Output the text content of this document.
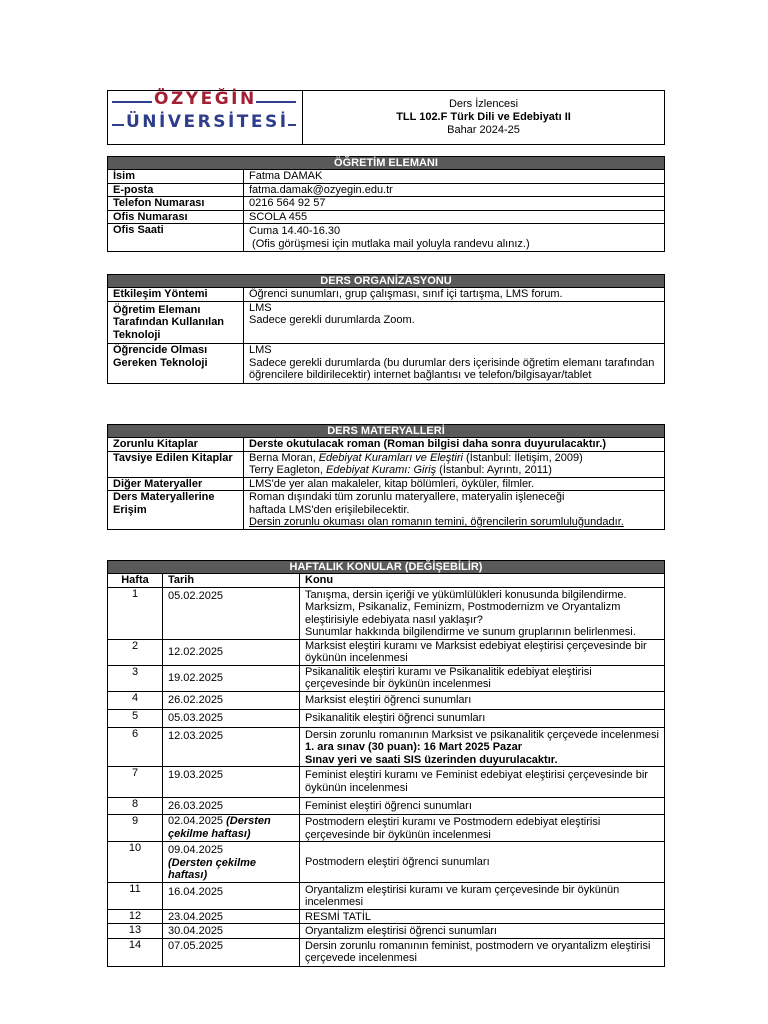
ÖZYEĞİN
ÜNİVERSİTESİ

Ders İzlencesi
TLL 102.F Türk Dili ve Edebiyatı II
Bahar 2024-25
ÖĞRETİM ELEMANI	
İsim	Fatma DAMAK
E-posta	fatma.damak@ozyegin.edu.tr
Telefon Numarası	0216 564 92 57
Ofis Numarası	SCOLA 455
Ofis Saati	Cuma 14.40-16.30
(Ofis görüşmesi için mutlaka mail yoluyla randevu alınız.)
DERS ORGANİZASYONU	
Etkileşim Yöntemi	Öğrenci sunumları, grup çalışması, sınıf içi tartışma, LMS forum.
Öğretim Elemanı Tarafından Kullanılan Teknoloji	LMS
Sadece gerekli durumlarda Zoom.

Öğrencide Olması Gereken Teknoloji	LMS
Sadece gerekli durumlarda (bu durumlar ders içerisinde öğretim elemanı tarafından öğrencilere bildirilecektir) internet bağlantısı ve telefon/bilgisayar/tablet
DERS MATERYALLERİ	
Zorunlu Kitaplar	Derste okutulacak roman (Roman bilgisi daha sonra duyurulacaktır.)
Tavsiye Edilen Kitaplar	Berna Moran, Edebiyat Kuramları ve Eleştiri (İstanbul: İletişim, 2009)
Terry Eagleton, Edebiyat Kuramı: Giriş (İstanbul: Ayrıntı, 2011)

Diğer Materyaller	LMS'de yer alan makaleler, kitap bölümleri, öyküler, filmler.
Ders Materyallerine Erişim	Roman dışındaki tüm zorunlu materyallere, materyalin işleneceği
haftada LMS'den erişilebilecektir.
Dersin zorunlu okuması olan romanın temini, öğrencilerin sorumluluğundadır.
HAFTALIK KONULAR (DEĞİŞEBİLİR)		
Hafta	Tarih	Konu
1	05.02.2025	Tanışma, dersin içeriği ve yükümlülükleri konusunda bilgilendirme. Marksizm, Psikanaliz, Feminizm, Postmodernizm ve Oryantalizm eleştirisiyle edebiyata nasıl yaklaşır?
Sunumlar hakkında bilgilendirme ve sunum gruplarının belirlenmesi.

2	12.02.2025	Marksist eleştiri kuramı ve Marksist edebiyat eleştirisi çerçevesinde bir öykünün incelenmesi
3	19.02.2025	Psikanalitik eleştiri kuramı ve Psikanalitik edebiyat eleştirisi çerçevesinde bir öykünün incelenmesi
4	26.02.2025	Marksist eleştiri öğrenci sunumları
5	05.03.2025	Psikanalitik eleştiri öğrenci sunumları
6	12.03.2025	Dersin zorunlu romanının Marksist ve psikanalitik çerçevede incelenmesi
1. ara sınav (30 puan): 16 Mart 2025 Pazar
Sınav yeri ve saati SIS üzerinden duyurulacaktır.

7	19.03.2025	Feminist eleştiri kuramı ve Feminist edebiyat eleştirisi çerçevesinde bir öykünün incelenmesi
8	26.03.2025	Feminist eleştiri öğrenci sunumları
9	02.04.2025 (Dersten çekilme haftası)	Postmodern eleştiri kuramı ve Postmodern edebiyat eleştirisi çerçevesinde bir öykünün incelenmesi
10	09.04.2025
(Dersten çekilme haftası)	Postmodern eleştiri öğrenci sunumları
11	16.04.2025	Oryantalizm eleştirisi kuramı ve kuram çerçevesinde bir öykünün incelenmesi
12	23.04.2025	RESMİ TATİL
13	30.04.2025	Oryantalizm eleştirisi öğrenci sunumları
14	07.05.2025	Dersin zorunlu romanının feminist, postmodern ve oryantalizm eleştirisi çerçevede incelenmesi
